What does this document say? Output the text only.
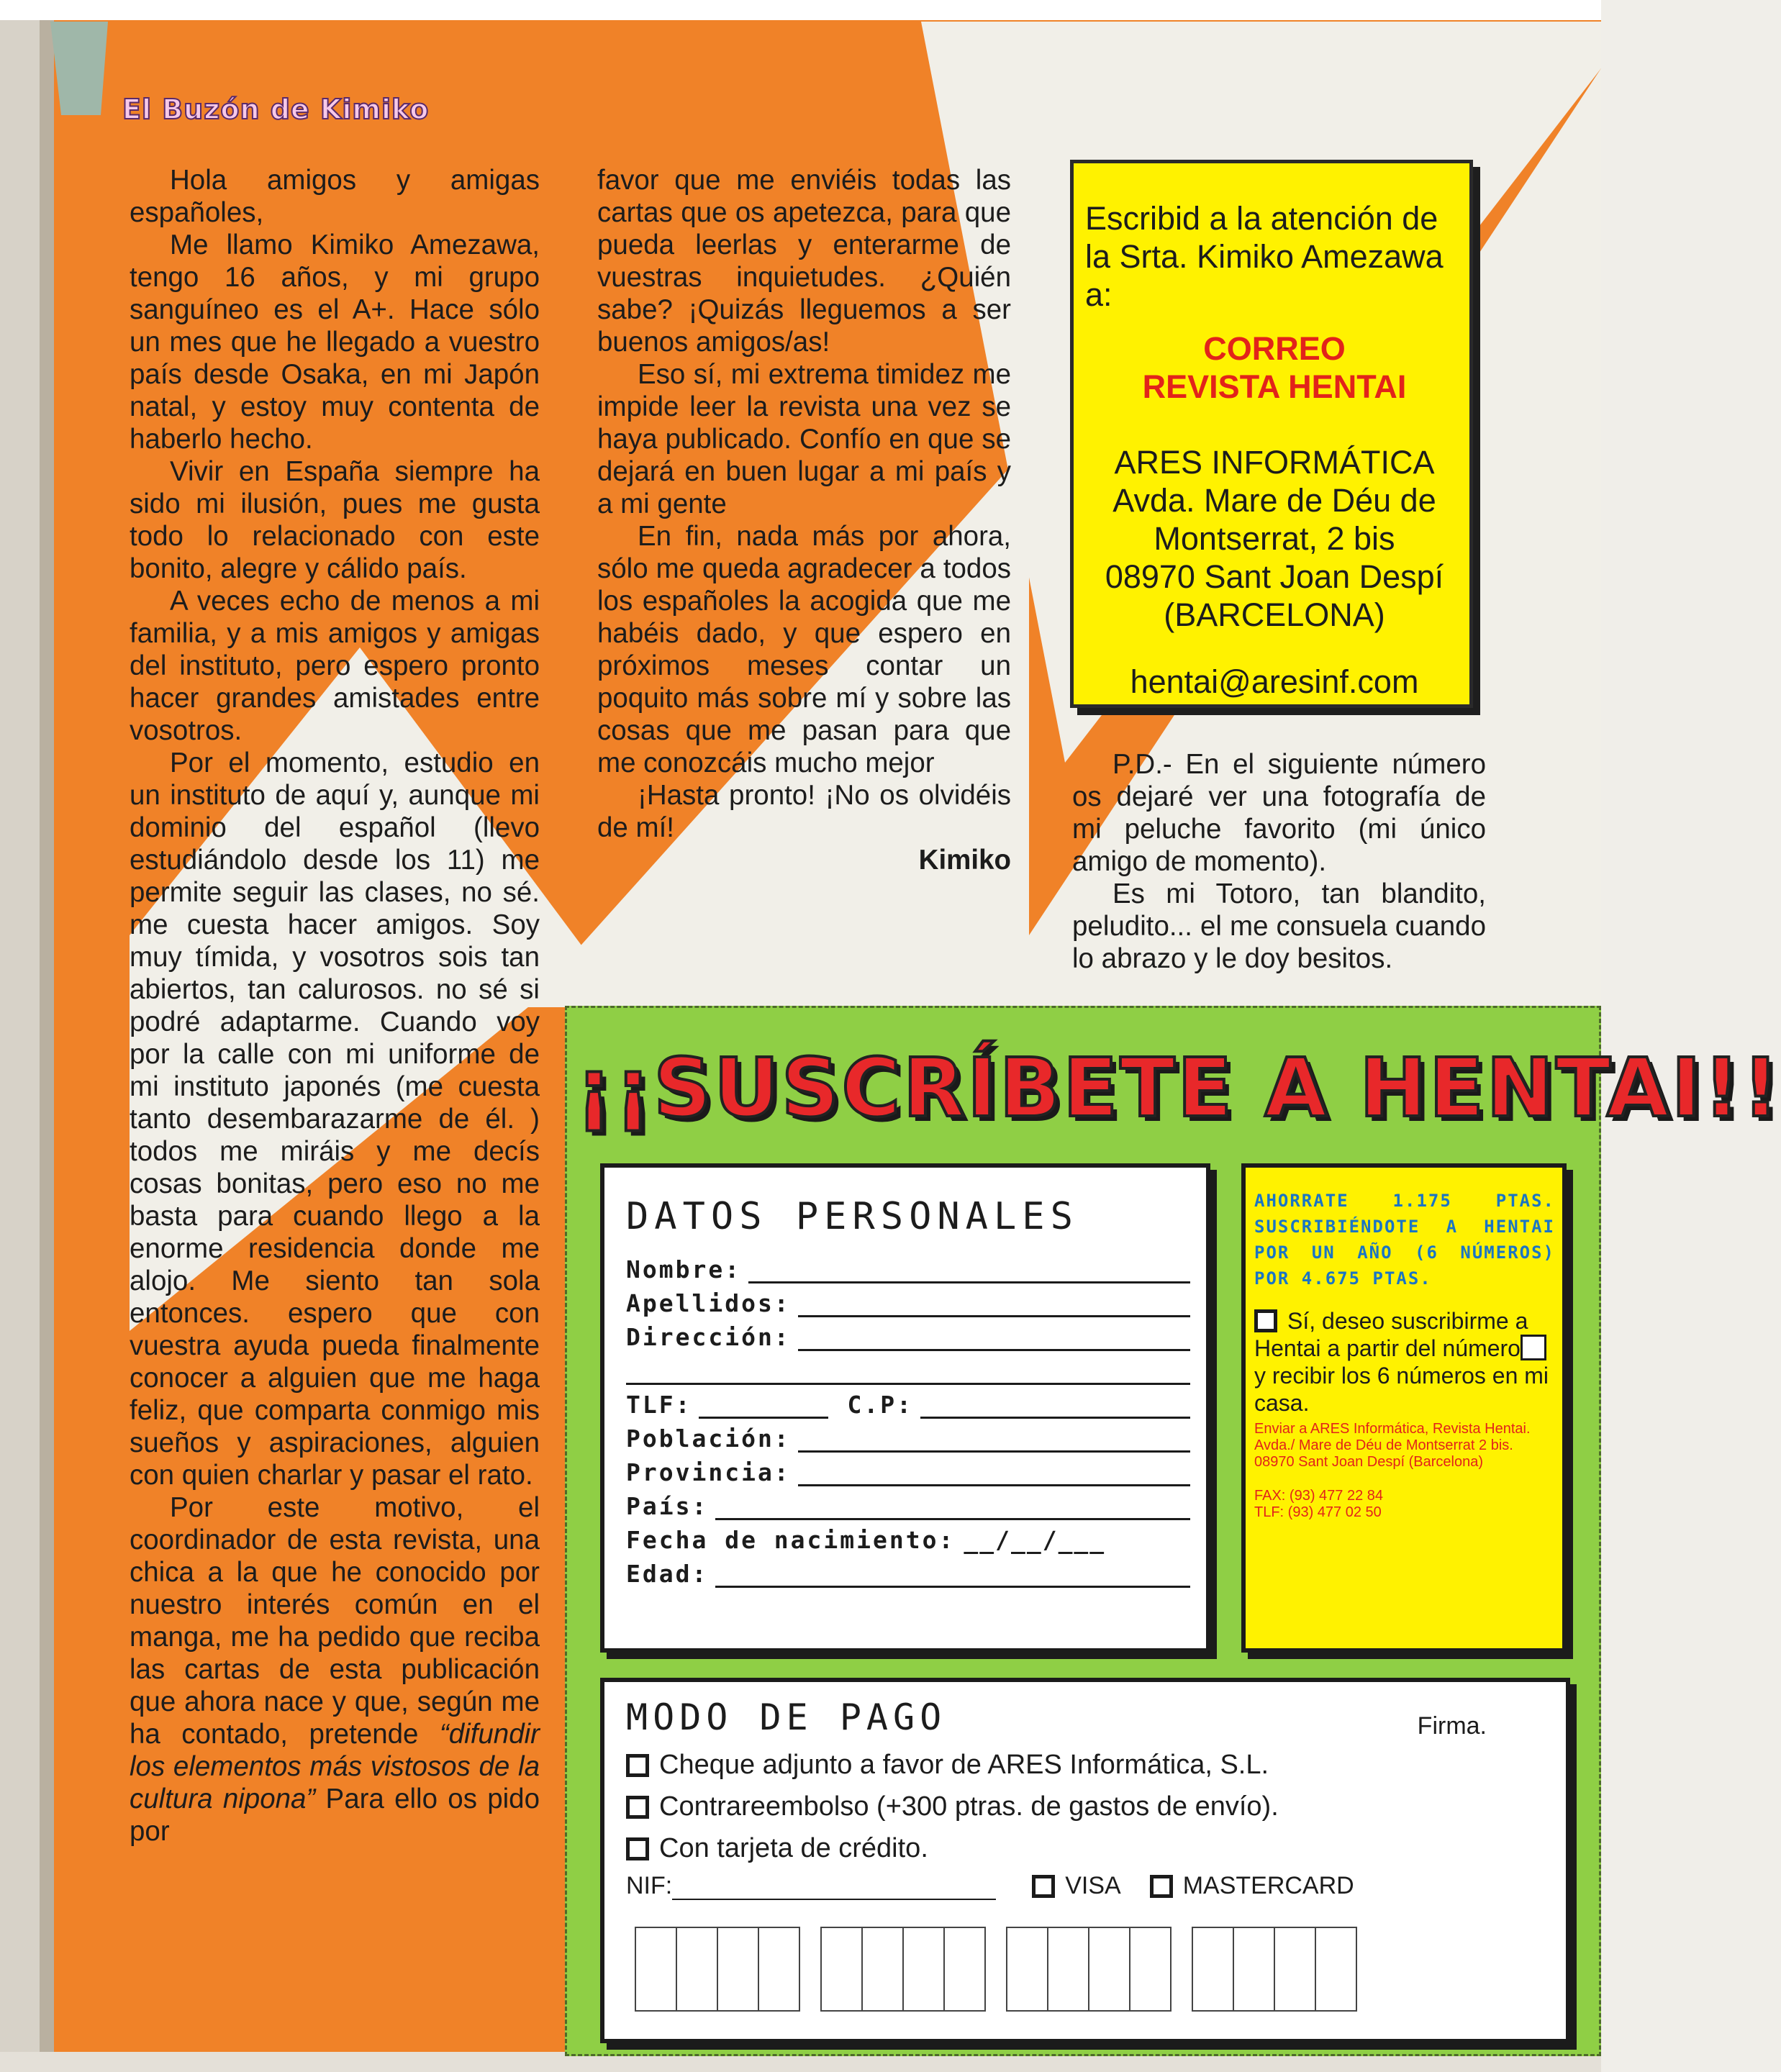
El Buzón de Kimiko

Hola amigos y amigas españoles,

Me llamo Kimiko Amezawa, tengo 16 años, y mi grupo sanguíneo es el A+. Hace sólo un mes que he llegado a vuestro país desde Osaka, en mi Japón natal, y estoy muy contenta de haberlo hecho.

Vivir en España siempre ha sido mi ilusión, pues me gusta todo lo relacionado con este bonito, alegre y cálido país.

A veces echo de menos a mi familia, y a mis amigos y amigas del instituto, pero espero pronto hacer grandes amistades entre vosotros.

Por el momento, estudio en un instituto de aquí y, aunque mi dominio del español (llevo estudiándolo desde los 11) me permite seguir las clases, no sé. me cuesta hacer amigos. Soy muy tímida, y vosotros sois tan abiertos, tan calurosos. no sé si podré adaptarme. Cuando voy por la calle con mi uniforme de mi instituto japonés (me cuesta tanto desembarazarme de él. ) todos me miráis y me decís cosas bonitas, pero eso no me basta para cuando llego a la enorme residencia donde me alojo. Me siento tan sola entonces. espero que con vuestra ayuda pueda finalmente conocer a alguien que me haga feliz, que comparta conmigo mis sueños y aspiraciones, alguien con quien charlar y pasar el rato.

Por este motivo, el coordinador de esta revista, una chica a la que he conocido por nuestro interés común en el manga, me ha pedido que reciba las cartas de esta publicación que ahora nace y que, según me ha contado, pretende “difundir los elementos más vistosos de la cultura nipona” Para ello os pido por

favor que me enviéis todas las cartas que os apetezca, para que pueda leerlas y enterarme de vuestras inquietudes. ¿Quién sabe? ¡Quizás lleguemos a ser buenos amigos/as!

Eso sí, mi extrema timidez me impide leer la revista una vez se haya publicado. Confío en que se dejará en buen lugar a mi país y a mi gente

En fin, nada más por ahora, sólo me queda agradecer a todos los españoles la acogida que me habéis dado, y que espero en próximos meses contar un poquito más sobre mí y sobre las cosas que me pasan para que me conozcáis mucho mejor

¡Hasta pronto! ¡No os olvidéis de mí!

Kimiko
Escribid a la atención de la Srta. Kimiko Amezawa a:
CORREO
REVISTA HENTAI
ARES INFORMÁTICA
Avda. Mare de Déu de
Montserrat, 2 bis
08970 Sant Joan Despí
(BARCELONA)
hentai@aresinf.com

P.D.- En el siguiente número os dejaré ver una fotografía de mi peluche favorito (mi único amigo de momento).

Es mi Totoro, tan blandito, peludito... el me consuela cuando lo abrazo y le doy besitos.

¡¡SUSCRÍBETE A HENTAI!!
DATOS PERSONALES
Nombre:
Apellidos:
Dirección:
TLF:	C.P:
Población:
Provincia:
País:
Fecha de nacimiento: __/__/___
Edad:
AHORRATE 1.175 PTAS. SUSCRIBIÉNDOTE A HENTAI POR UN AÑO (6 NÚMEROS) POR 4.675 PTAS.
Sí, deseo suscribirme a Hentai a partir del númeroy recibir los 6 números en mi casa.
Enviar a ARES Informática, Revista Hentai. Avda./ Mare de Déu de Montserrat 2 bis. 08970 Sant Joan Despí (Barcelona)
FAX: (93) 477 22 84
TLF: (93) 477 02 50
MODO DE PAGO	Firma.
Cheque adjunto a favor de ARES Informática, S.L.
Contrareembolso (+300 ptras. de gastos de envío).
Con tarjeta de crédito.
NIF:	VISA	MASTERCARD
